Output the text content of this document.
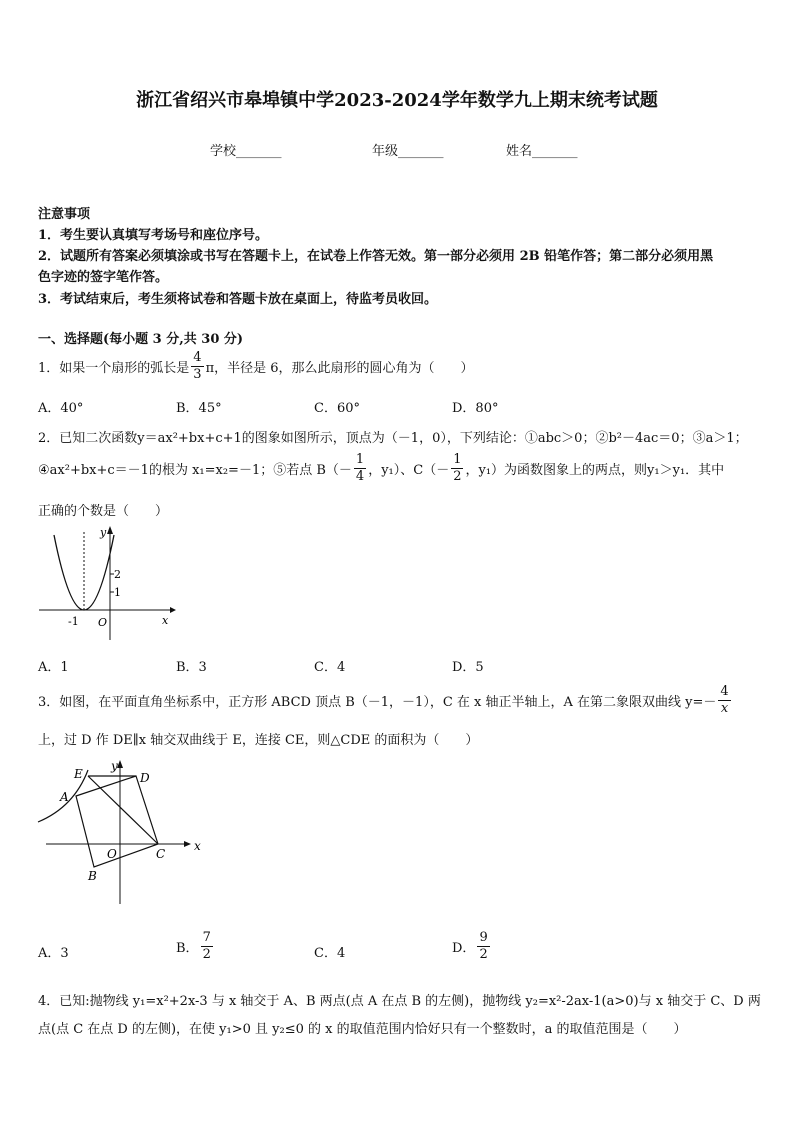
浙江省绍兴市皋埠镇中学2023-2024学年数学九上期末统考试题
学校_______	年级_______	姓名_______
注意事项
1．考生要认真填写考场号和座位序号。
2．试题所有答案必须填涂或书写在答题卡上，在试卷上作答无效。第一部分必须用 2B 铅笔作答；第二部分必须用黑
色字迹的签字笔作答。
3．考试结束后，考生须将试卷和答题卡放在桌面上，待监考员收回。
一、选择题(每小题 3 分,共 30 分)
1．如果一个扇形的弧长是 $\frac{4}{3}$ π，半径是 6，那么此扇形的圆心角为（　　）
A．40°	B．45°	C．60°	D．80°
2．已知二次函数y＝ax²+bx+c+1的图象如图所示，顶点为（－1，0），下列结论：①abc＞0；②b²－4ac＝0；③a＞1；
④ax²+bx+c＝－1的根为 x₁=x₂=－1；⑤若点 $B(- \frac{1}{4}$ ，y₁）、$C(- \frac{1}{2}$ ，y₁）为函数图象上的两点，则y₁＞y₁．其中
正确的个数是（　　）
y
x
O
-1
2
1
A．1	B．3	C．4	D．5
3．如图，在平面直角坐标系中，正方形 ABCD 顶点 B（－1，－1），C 在 x 轴正半轴上，A 在第二象限双曲线 $y=- \frac{4}{x}$
上，过 D 作 DE∥x 轴交双曲线于 E，连接 CE，则△CDE 的面积为（　　）
E
y
D
A
x
O	C
B
A．3	B． $\frac{7}{2}$	C．4	D． $\frac{9}{2}$
4．已知:抛物线 y₁=x²+2x-3 与 x 轴交于 A、B 两点(点 A 在点 B 的左侧)，抛物线 y₂=x²-2ax-1(a>0)与 x 轴交于 C、D 两
点(点 C 在点 D 的左侧)，在使 y₁>0 且 y₂≤0 的 x 的取值范围内恰好只有一个整数时，a 的取值范围是（　　）
